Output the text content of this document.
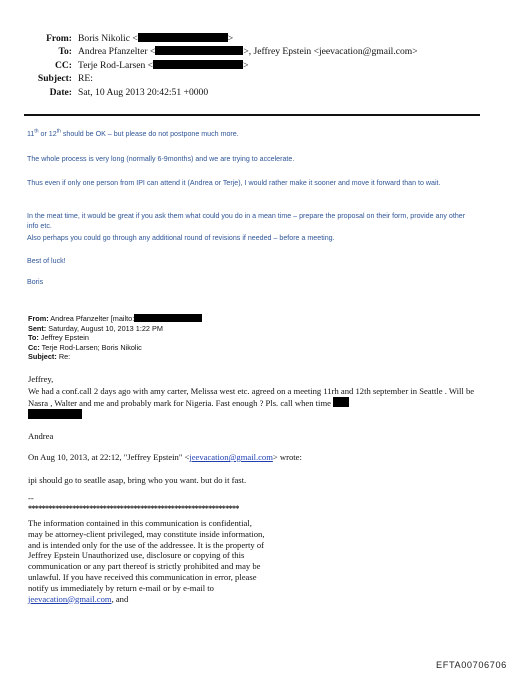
From: Boris Nikolic <	>
To: Andrea Pfanzelter <	>, Jeffrey Epstein <jeevacation@gmail.com>
CC: Terje Rod-Larsen <	>
Subject: RE:
Date: Sat, 10 Aug 2013 20:42:51 +0000
11th or 12th should be OK – but please do not postpone much more.
The whole process is very long (normally 6-9months) and we are trying to accelerate.
Thus even if only one person from IPI can attend it (Andrea or Terje), I would rather make it sooner and move it forward than to wait.
In the meat time, it would be great if you ask them what could you do in a mean time – prepare the proposal on their form, provide any other info etc.
Also perhaps you could go through any additional round of revisions if needed – before a meeting.
Best of luck!
Boris
From: Andrea Pfanzelter [mailto:
Sent: Saturday, August 10, 2013 1:22 PM
To: Jeffrey Epstein
Cc: Terje Rod-Larsen; Boris Nikolic
Subject: Re:
Jeffrey,
We had a conf.call 2 days ago with amy carter, Melissa west etc. agreed on a meeting 11rh and 12th september in Seattle . Will be Nasra , Walter and me and probably mark for Nigeria. Fast enough ? Pls. call when time

Andrea
On Aug 10, 2013, at 22:12, "Jeffrey Epstein" <jeevacation@gmail.com> wrote:
ipi should go to seatlle asap, bring who you want. but do it fast.
--
**************************************************************
The information contained in this communication is confidential, may be attorney-client privileged, may constitute inside information, and is intended only for the use of the addressee. It is the property of Jeffrey Epstein Unauthorized use, disclosure or copying of this communication or any part thereof is strictly prohibited and may be unlawful. If you have received this communication in error, please notify us immediately by return e-mail or by e-mail to jeevacation@gmail.com, and
EFTA00706706
